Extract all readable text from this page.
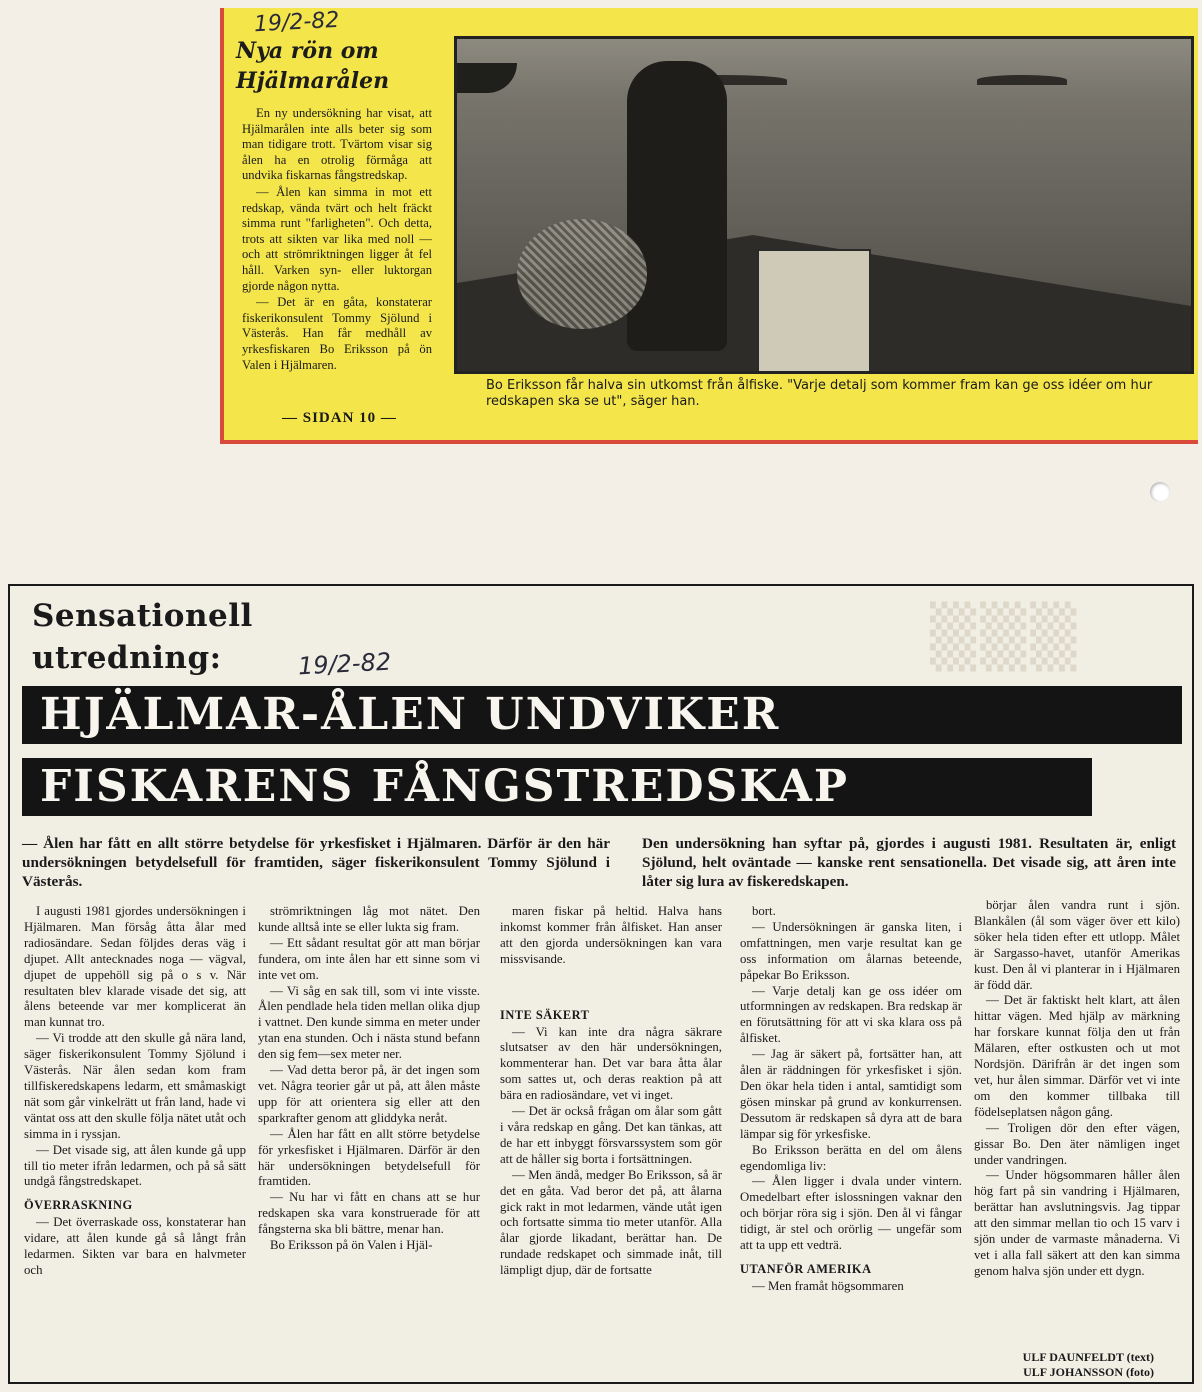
19/2-82
Nya rön om Hjälmarålen

En ny undersökning har visat, att Hjälmarålen inte alls beter sig som man tidigare trott. Tvärtom visar sig ålen ha en otrolig förmåga att undvika fiskarnas fångstredskap.

— Ålen kan simma in mot ett redskap, vända tvärt och helt fräckt simma runt "farligheten". Och detta, trots att sikten var lika med noll — och att strömriktningen ligger åt fel håll. Varken syn- eller luktorgan gjorde någon nytta.

— Det är en gåta, konstaterar fiskerikonsulent Tommy Sjölund i Västerås. Han får medhåll av yrkesfiskaren Bo Eriksson på ön Valen i Hjälmaren.

— SIDAN 10 —
Bo Eriksson får halva sin utkomst från ålfiske. "Varje detalj som kommer fram kan ge oss idéer om hur redskapen ska se ut", säger han.
▒▒▒
Sensationell
utredning:	19/2-82
HJÄLMAR-ÅLEN UNDVIKER
FISKARENS FÅNGSTREDSKAP
— Ålen har fått en allt större betydelse för yrkesfisket i Hjälmaren. Därför är den här undersökningen betydelsefull för framtiden, säger fiskerikonsulent Tommy Sjölund i Västerås.
Den undersökning han syftar på, gjordes i augusti 1981. Resultaten är, enligt Sjölund, helt oväntade — kanske rent sensationella. Det visade sig, att åren inte låter sig lura av fiskeredskapen.

I augusti 1981 gjordes undersökningen i Hjälmaren. Man försåg åtta ålar med radiosändare. Sedan följdes deras väg i djupet. Allt antecknades noga — vägval, djupet de uppehöll sig på o s v. När resultaten blev klarade visade det sig, att ålens beteende var mer komplicerat än man kunnat tro.

— Vi trodde att den skulle gå nära land, säger fiskerikonsulent Tommy Sjölund i Västerås. När ålen sedan kom fram tillfiskeredskapens ledarm, ett småmaskigt nät som går vinkelrätt ut från land, hade vi väntat oss att den skulle följa nätet utåt och simma in i ryssjan.

— Det visade sig, att ålen kunde gå upp till tio meter ifrån ledarmen, och på så sätt undgå fångstredskapet.

ÖVERRASKNING

— Det överraskade oss, konstaterar han vidare, att ålen kunde gå så långt från ledarmen. Sikten var bara en halvmeter och

strömriktningen låg mot nätet. Den kunde alltså inte se eller lukta sig fram.

— Ett sådant resultat gör att man börjar fundera, om inte ålen har ett sinne som vi inte vet om.

— Vi såg en sak till, som vi inte visste. Ålen pendlade hela tiden mellan olika djup i vattnet. Den kunde simma en meter under ytan ena stunden. Och i nästa stund befann den sig fem—sex meter ner.

— Vad detta beror på, är det ingen som vet. Några teorier går ut på, att ålen måste upp för att orientera sig eller att den sparkrafter genom att gliddyka neråt.

— Ålen har fått en allt större betydelse för yrkesfisket i Hjälmaren. Därför är den här undersökningen betydelsefull för framtiden.

— Nu har vi fått en chans att se hur redskapen ska vara konstruerade för att fångsterna ska bli bättre, menar han.

Bo Eriksson på ön Valen i Hjäl-

maren fiskar på heltid. Halva hans inkomst kommer från ålfisket. Han anser att den gjorda undersökningen kan vara missvisande.

INTE SÄKERT

— Vi kan inte dra några säkrare slutsatser av den här undersökningen, kommenterar han. Det var bara åtta ålar som sattes ut, och deras reaktion på att bära en radiosändare, vet vi inget.

— Det är också frågan om ålar som gått i våra redskap en gång. Det kan tänkas, att de har ett inbyggt försvarssystem som gör att de håller sig borta i fortsättningen.

— Men ändå, medger Bo Eriksson, så är det en gåta. Vad beror det på, att ålarna gick rakt in mot ledarmen, vände utåt igen och fortsatte simma tio meter utanför. Alla ålar gjorde likadant, berättar han. De rundade redskapet och simmade inåt, till lämpligt djup, där de fortsatte

bort.

— Undersökningen är ganska liten, i omfattningen, men varje resultat kan ge oss information om ålarnas beteende, påpekar Bo Eriksson.

— Varje detalj kan ge oss idéer om utformningen av redskapen. Bra redskap är en förutsättning för att vi ska klara oss på ålfisket.

— Jag är säkert på, fortsätter han, att ålen är räddningen för yrkesfisket i sjön. Den ökar hela tiden i antal, samtidigt som gösen minskar på grund av konkurrensen. Dessutom är redskapen så dyra att de bara lämpar sig för yrkesfiske.

Bo Eriksson berätta en del om ålens egendomliga liv:

— Ålen ligger i dvala under vintern. Omedelbart efter islossningen vaknar den och börjar röra sig i sjön. Den ål vi fångar tidigt, är stel och orörlig — ungefär som att ta upp ett vedträ.

UTANFÖR AMERIKA

— Men framåt högsommaren

börjar ålen vandra runt i sjön. Blankålen (ål som väger över ett kilo) söker hela tiden efter ett utlopp. Målet är Sargasso-havet, utanför Amerikas kust. Den ål vi planterar in i Hjälmaren är född där.

— Det är faktiskt helt klart, att ålen hittar vägen. Med hjälp av märkning har forskare kunnat följa den ut från Mälaren, efter ostkusten och ut mot Nordsjön. Därifrån är det ingen som vet, hur ålen simmar. Därför vet vi inte om den kommer tillbaka till födelseplatsen någon gång.

— Troligen dör den efter vägen, gissar Bo. Den äter nämligen inget under vandringen.

— Under högsommaren håller ålen hög fart på sin vandring i Hjälmaren, berättar han avslutningsvis. Jag tippar att den simmar mellan tio och 15 varv i sjön under de varmaste månaderna. Vi vet i alla fall säkert att den kan simma genom halva sjön under ett dygn.

ULF DAUNFELDT (text)
ULF JOHANSSON (foto)
